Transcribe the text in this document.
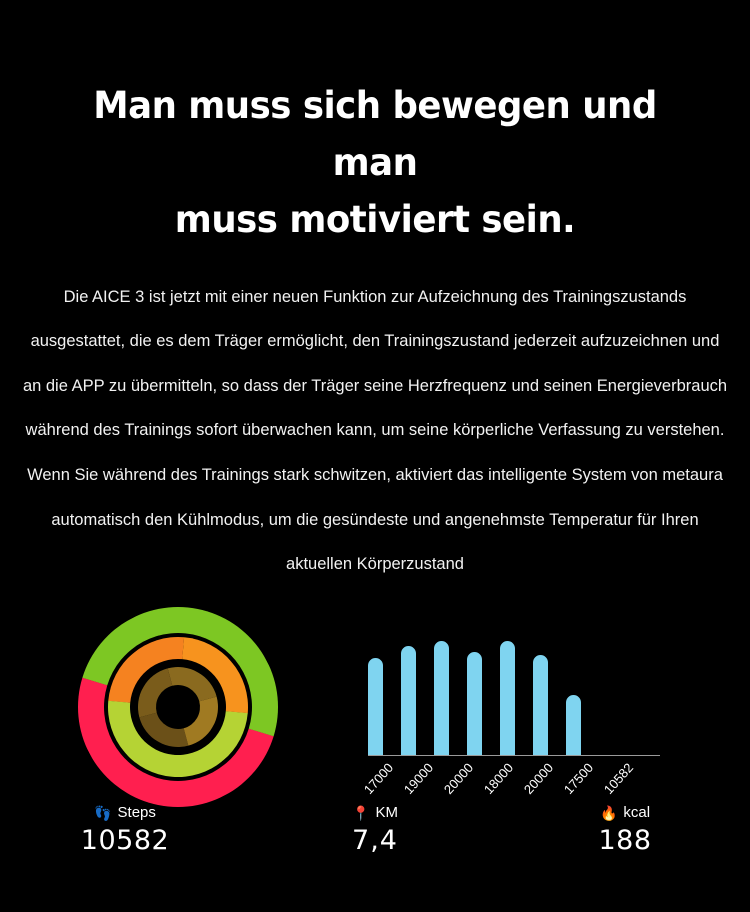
Man muss sich bewegen und man
muss motiviert sein.

Die AICE 3 ist jetzt mit einer neuen Funktion zur Aufzeichnung des Trainingszustands ausgestattet, die es dem Träger ermöglicht, den Trainingszustand jederzeit aufzuzeichnen und an die APP zu übermitteln, so dass der Träger seine Herzfrequenz und seinen Energieverbrauch während des Trainings sofort überwachen kann, um seine körperliche Verfassung zu verstehen. Wenn Sie während des Trainings stark schwitzen, aktiviert das intelligente System von metaura automatisch den Kühlmodus, um die gesündeste und angenehmste Temperatur für Ihren aktuellen Körperzustand

17000 19000 20000 18000 20000 17500 10582
👣 Steps
10582
📍 KM
7,4
🔥 kcal
188
